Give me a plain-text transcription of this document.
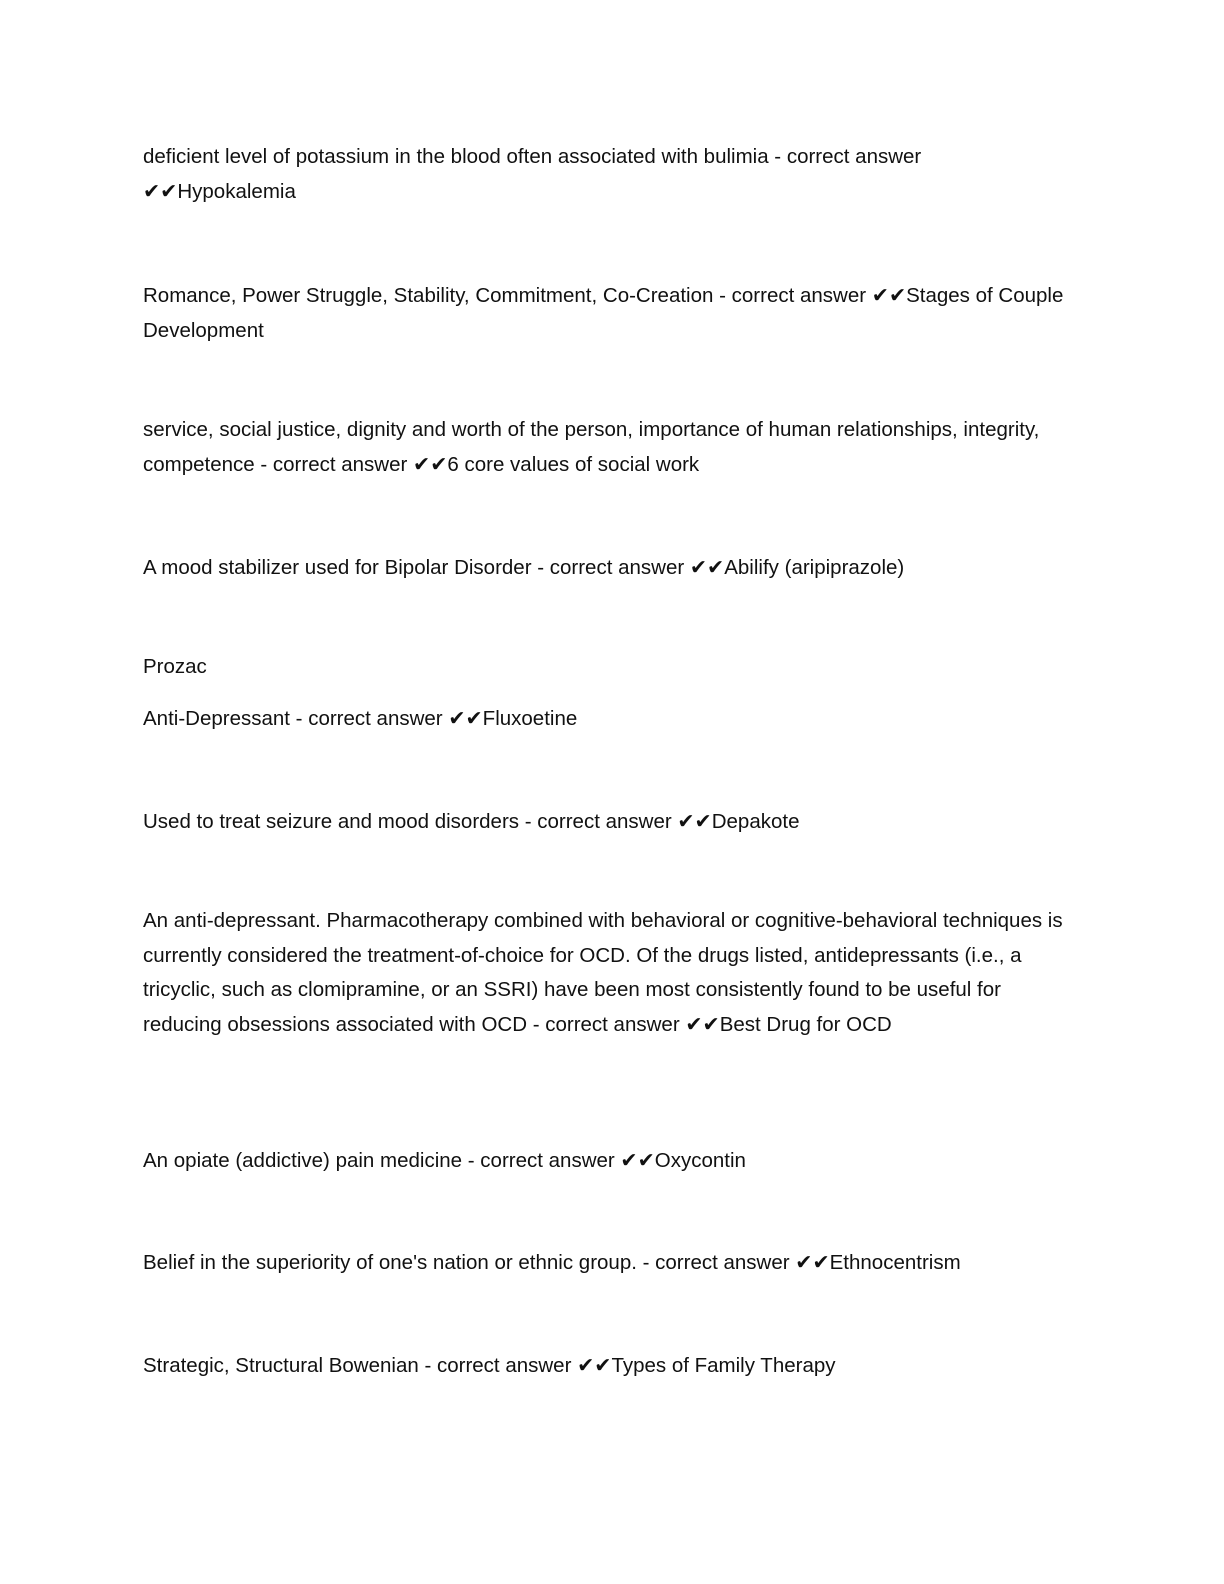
deficient level of potassium in the blood often associated with bulimia - correct answer ✔✔Hypokalemia

Romance, Power Struggle, Stability, Commitment, Co-Creation - correct answer ✔✔Stages of Couple Development

service, social justice, dignity and worth of the person, importance of human relationships, integrity, competence - correct answer ✔✔6 core values of social work

A mood stabilizer used for Bipolar Disorder - correct answer ✔✔Abilify (aripiprazole)

Prozac

Anti-Depressant - correct answer ✔✔Fluxoetine

Used to treat seizure and mood disorders - correct answer ✔✔Depakote

An anti-depressant. Pharmacotherapy combined with behavioral or cognitive-behavioral techniques is currently considered the treatment-of-choice for OCD. Of the drugs listed, antidepressants (i.e., a tricyclic, such as clomipramine, or an SSRI) have been most consistently found to be useful for reducing obsessions associated with OCD - correct answer ✔✔Best Drug for OCD

An opiate (addictive) pain medicine - correct answer ✔✔Oxycontin

Belief in the superiority of one's nation or ethnic group. - correct answer ✔✔Ethnocentrism

Strategic, Structural Bowenian - correct answer ✔✔Types of Family Therapy
